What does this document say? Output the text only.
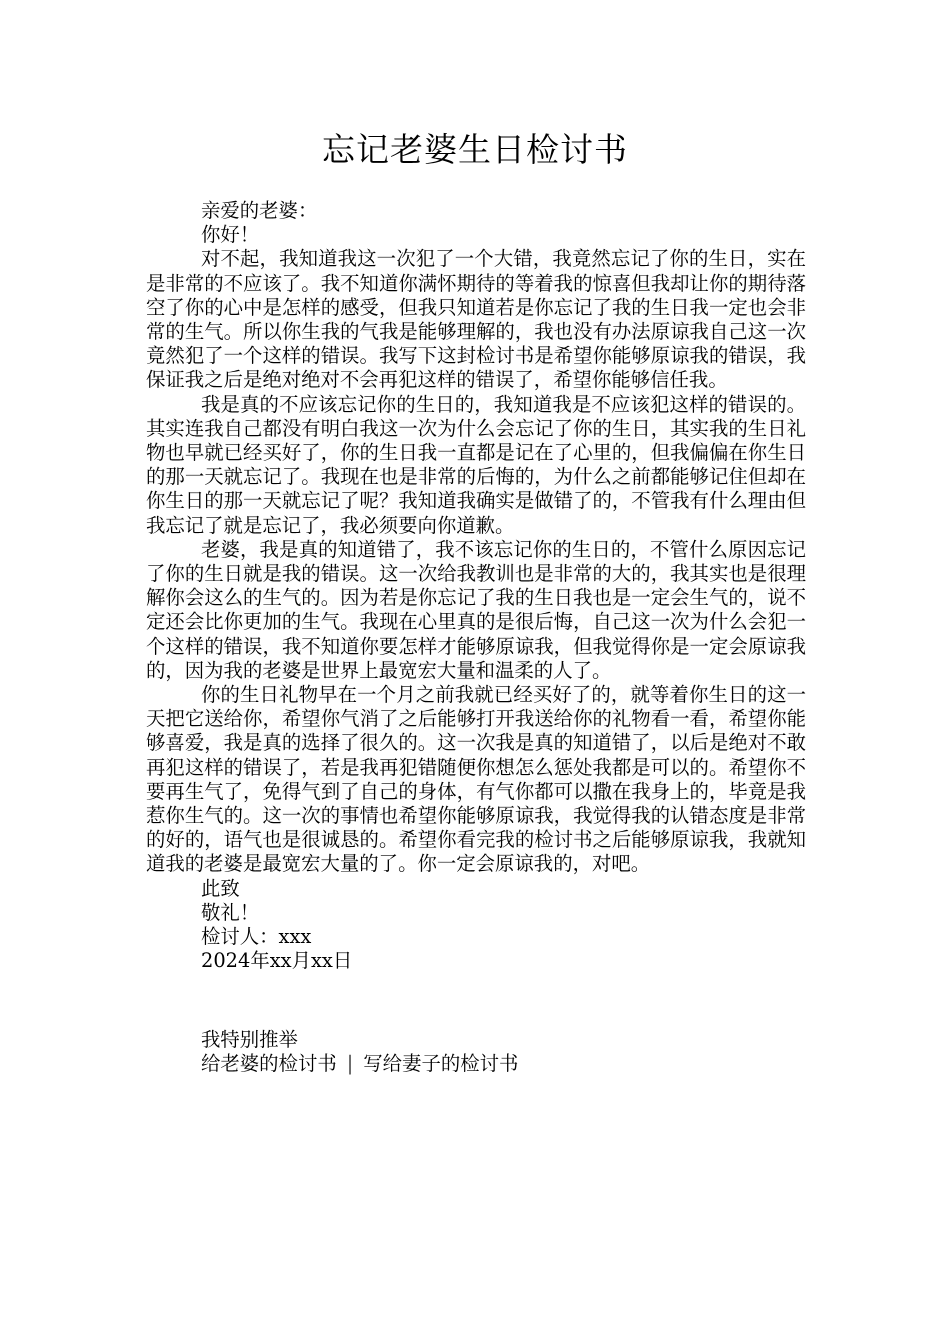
忘记老婆生日检讨书

亲爱的老婆：

你好！

对不起，我知道我这一次犯了一个大错，我竟然忘记了你的生日，实在是非常的不应该了。我不知道你满怀期待的等着我的惊喜但我却让你的期待落空了你的心中是怎样的感受，但我只知道若是你忘记了我的生日我一定也会非常的生气。所以你生我的气我是能够理解的，我也没有办法原谅我自己这一次竟然犯了一个这样的错误。我写下这封检讨书是希望你能够原谅我的错误，我保证我之后是绝对绝对不会再犯这样的错误了，希望你能够信任我。

我是真的不应该忘记你的生日的，我知道我是不应该犯这样的错误的。其实连我自己都没有明白我这一次为什么会忘记了你的生日，其实我的生日礼物也早就已经买好了，你的生日我一直都是记在了心里的，但我偏偏在你生日的那一天就忘记了。我现在也是非常的后悔的，为什么之前都能够记住但却在你生日的那一天就忘记了呢？我知道我确实是做错了的，不管我有什么理由但我忘记了就是忘记了，我必须要向你道歉。

老婆，我是真的知道错了，我不该忘记你的生日的，不管什么原因忘记了你的生日就是我的错误。这一次给我教训也是非常的大的，我其实也是很理解你会这么的生气的。因为若是你忘记了我的生日我也是一定会生气的，说不定还会比你更加的生气。我现在心里真的是很后悔，自己这一次为什么会犯一个这样的错误，我不知道你要怎样才能够原谅我，但我觉得你是一定会原谅我的，因为我的老婆是世界上最宽宏大量和温柔的人了。

你的生日礼物早在一个月之前我就已经买好了的，就等着你生日的这一天把它送给你，希望你气消了之后能够打开我送给你的礼物看一看，希望你能够喜爱，我是真的选择了很久的。这一次我是真的知道错了，以后是绝对不敢再犯这样的错误了，若是我再犯错随便你想怎么惩处我都是可以的。希望你不要再生气了，免得气到了自己的身体，有气你都可以撒在我身上的，毕竟是我惹你生气的。这一次的事情也希望你能够原谅我，我觉得我的认错态度是非常的好的，语气也是很诚恳的。希望你看完我的检讨书之后能够原谅我，我就知道我的老婆是最宽宏大量的了。你一定会原谅我的，对吧。

此致

敬礼！

检讨人：xxx

2024年xx月xx日

我特别推举

给老婆的检讨书 | 写给妻子的检讨书
